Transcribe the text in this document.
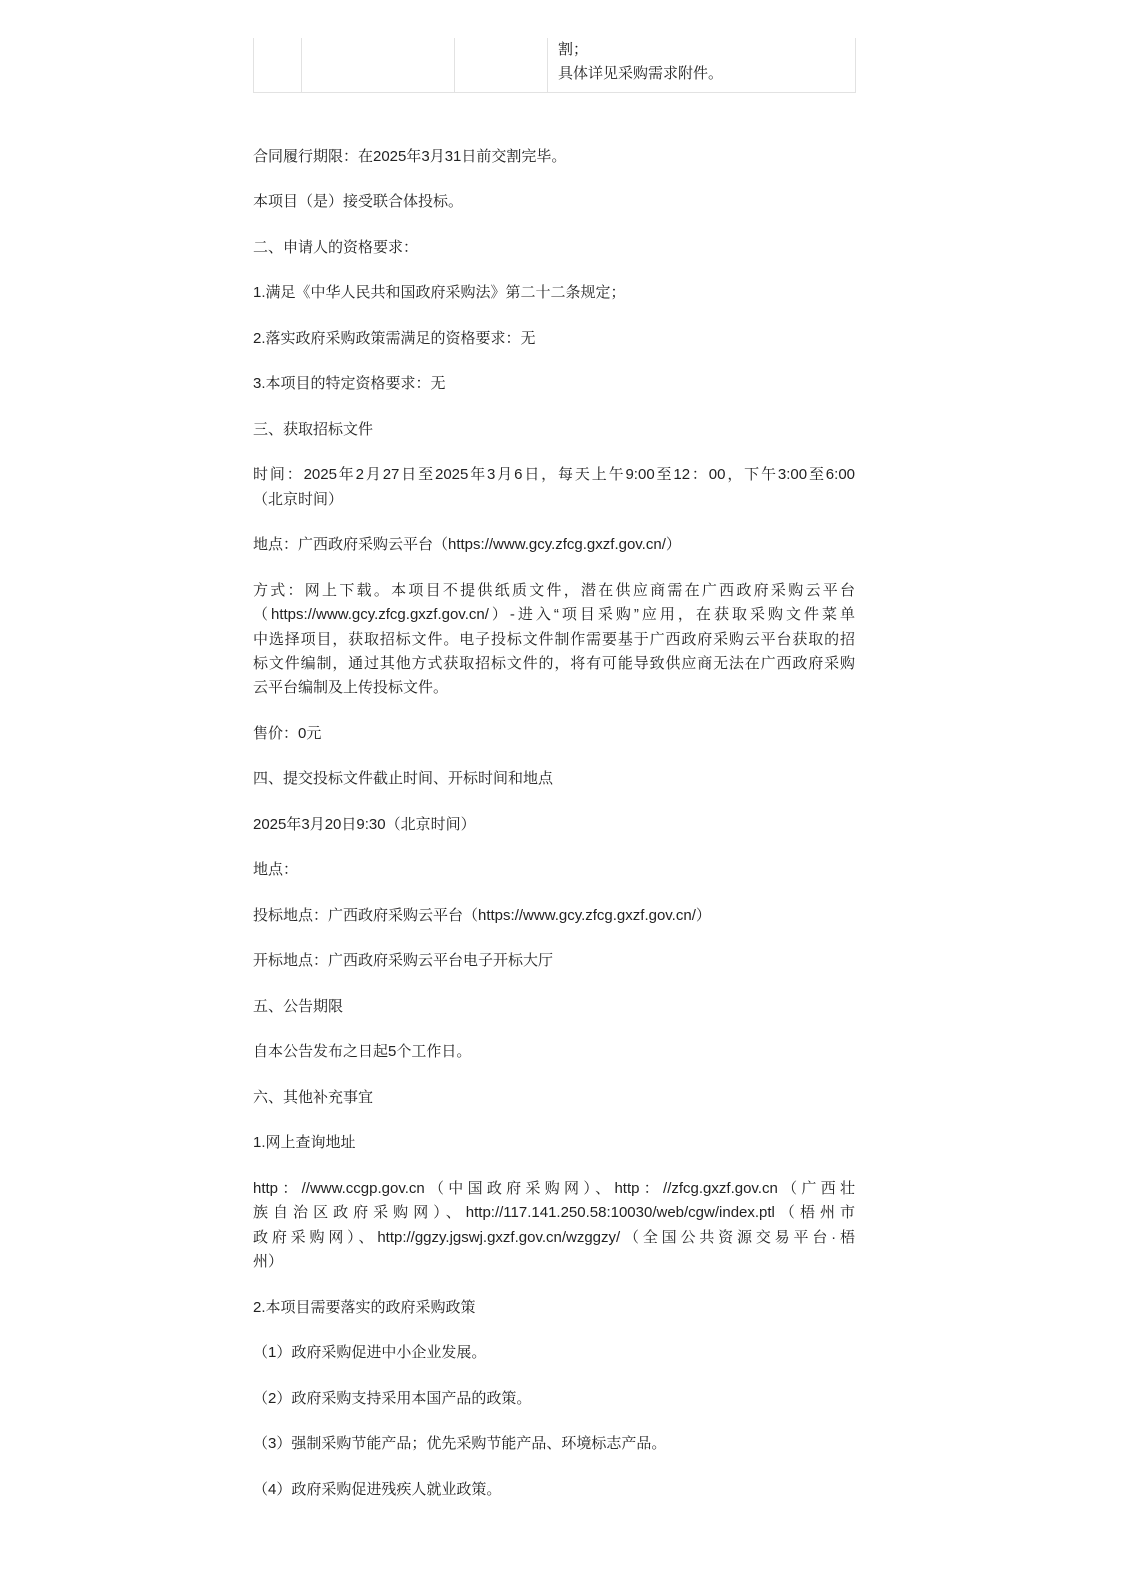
割；
具体详见采购需求附件。
合同履行期限：在2025年3月31日前交割完毕。
本项目（是）接受联合体投标。
二、申请人的资格要求：
1.满足《中华人民共和国政府采购法》第二十二条规定；
2.落实政府采购政策需满足的资格要求：无
3.本项目的特定资格要求：无
三、获取招标文件
时间：2025年2月27日至2025年3月6日，每天上午9:00至12：00，下午3:00至6:00
（北京时间）
地点：广西政府采购云平台（https://www.gcy.zfcg.gxzf.gov.cn/）
方式：网上下载。本项目不提供纸质文件，潜在供应商需在广西政府采购云平台
（https://www.gcy.zfcg.gxzf.gov.cn/）-进入“项目采购”应用，在获取采购文件菜单
中选择项目，获取招标文件。电子投标文件制作需要基于广西政府采购云平台获取的招
标文件编制，通过其他方式获取招标文件的，将有可能导致供应商无法在广西政府采购
云平台编制及上传投标文件。
售价：0元
四、提交投标文件截止时间、开标时间和地点
2025年3月20日9:30（北京时间）
地点：
投标地点：广西政府采购云平台（https://www.gcy.zfcg.gxzf.gov.cn/）
开标地点：广西政府采购云平台电子开标大厅
五、公告期限
自本公告发布之日起5个工作日。
六、其他补充事宜
1.网上查询地址
http：//www.ccgp.gov.cn（中国政府采购网）、http：//zfcg.gxzf.gov.cn（广西壮
族自治区政府采购网）、http://117.141.250.58:10030/web/cgw/index.ptl（梧州市
政府采购网）、http://ggzy.jgswj.gxzf.gov.cn/wzggzy/（全国公共资源交易平台·梧
州）
2.本项目需要落实的政府采购政策
（1）政府采购促进中小企业发展。
（2）政府采购支持采用本国产品的政策。
（3）强制采购节能产品；优先采购节能产品、环境标志产品。
（4）政府采购促进残疾人就业政策。
